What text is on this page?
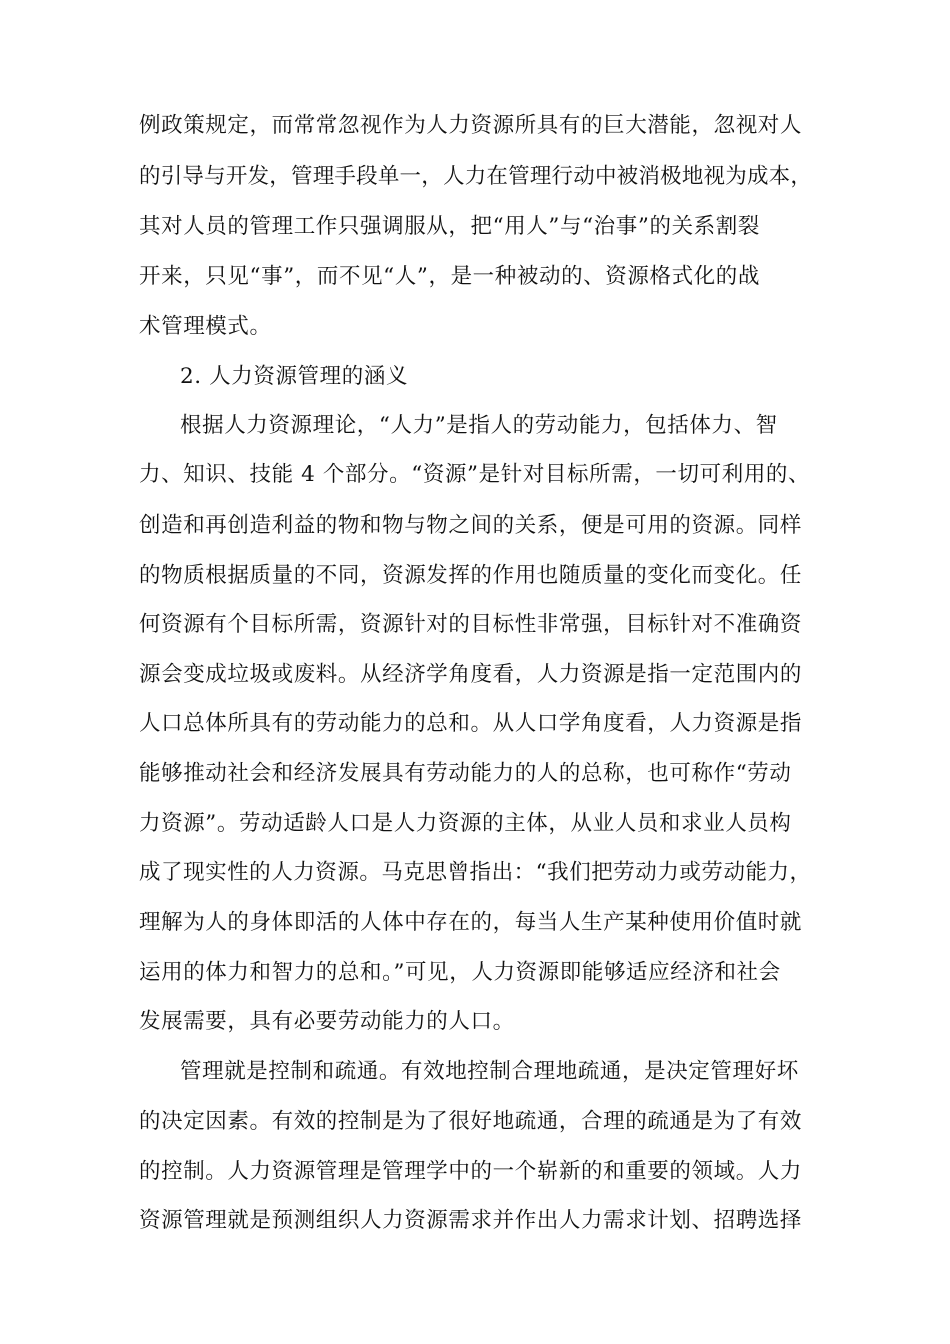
例政策规定，而常常忽视作为人力资源所具有的巨大潜能，忽视对人

的引导与开发，管理手段单一，人力在管理行动中被消极地视为成本，

其对人员的管理工作只强调服从，把“用人”与“治事”的关系割裂

开来，只见“事”，而不见“人”，是一种被动的、资源格式化的战

术管理模式。

2. 人力资源管理的涵义

根据人力资源理论，“人力”是指人的劳动能力，包括体力、智

力、知识、技能 4 个部分。“资源”是针对目标所需，一切可利用的、

创造和再创造利益的物和物与物之间的关系，便是可用的资源。同样

的物质根据质量的不同，资源发挥的作用也随质量的变化而变化。任

何资源有个目标所需，资源针对的目标性非常强，目标针对不准确资

源会变成垃圾或废料。从经济学角度看，人力资源是指一定范围内的

人口总体所具有的劳动能力的总和。从人口学角度看，人力资源是指

能够推动社会和经济发展具有劳动能力的人的总称，也可称作“劳动

力资源”。劳动适龄人口是人力资源的主体，从业人员和求业人员构

成了现实性的人力资源。马克思曾指出：“我们把劳动力或劳动能力，

理解为人的身体即活的人体中存在的，每当人生产某种使用价值时就

运用的体力和智力的总和。”可见，人力资源即能够适应经济和社会

发展需要，具有必要劳动能力的人口。

管理就是控制和疏通。有效地控制合理地疏通，是决定管理好坏

的决定因素。有效的控制是为了很好地疏通，合理的疏通是为了有效

的控制。人力资源管理是管理学中的一个崭新的和重要的领域。人力

资源管理就是预测组织人力资源需求并作出人力需求计划、招聘选择
